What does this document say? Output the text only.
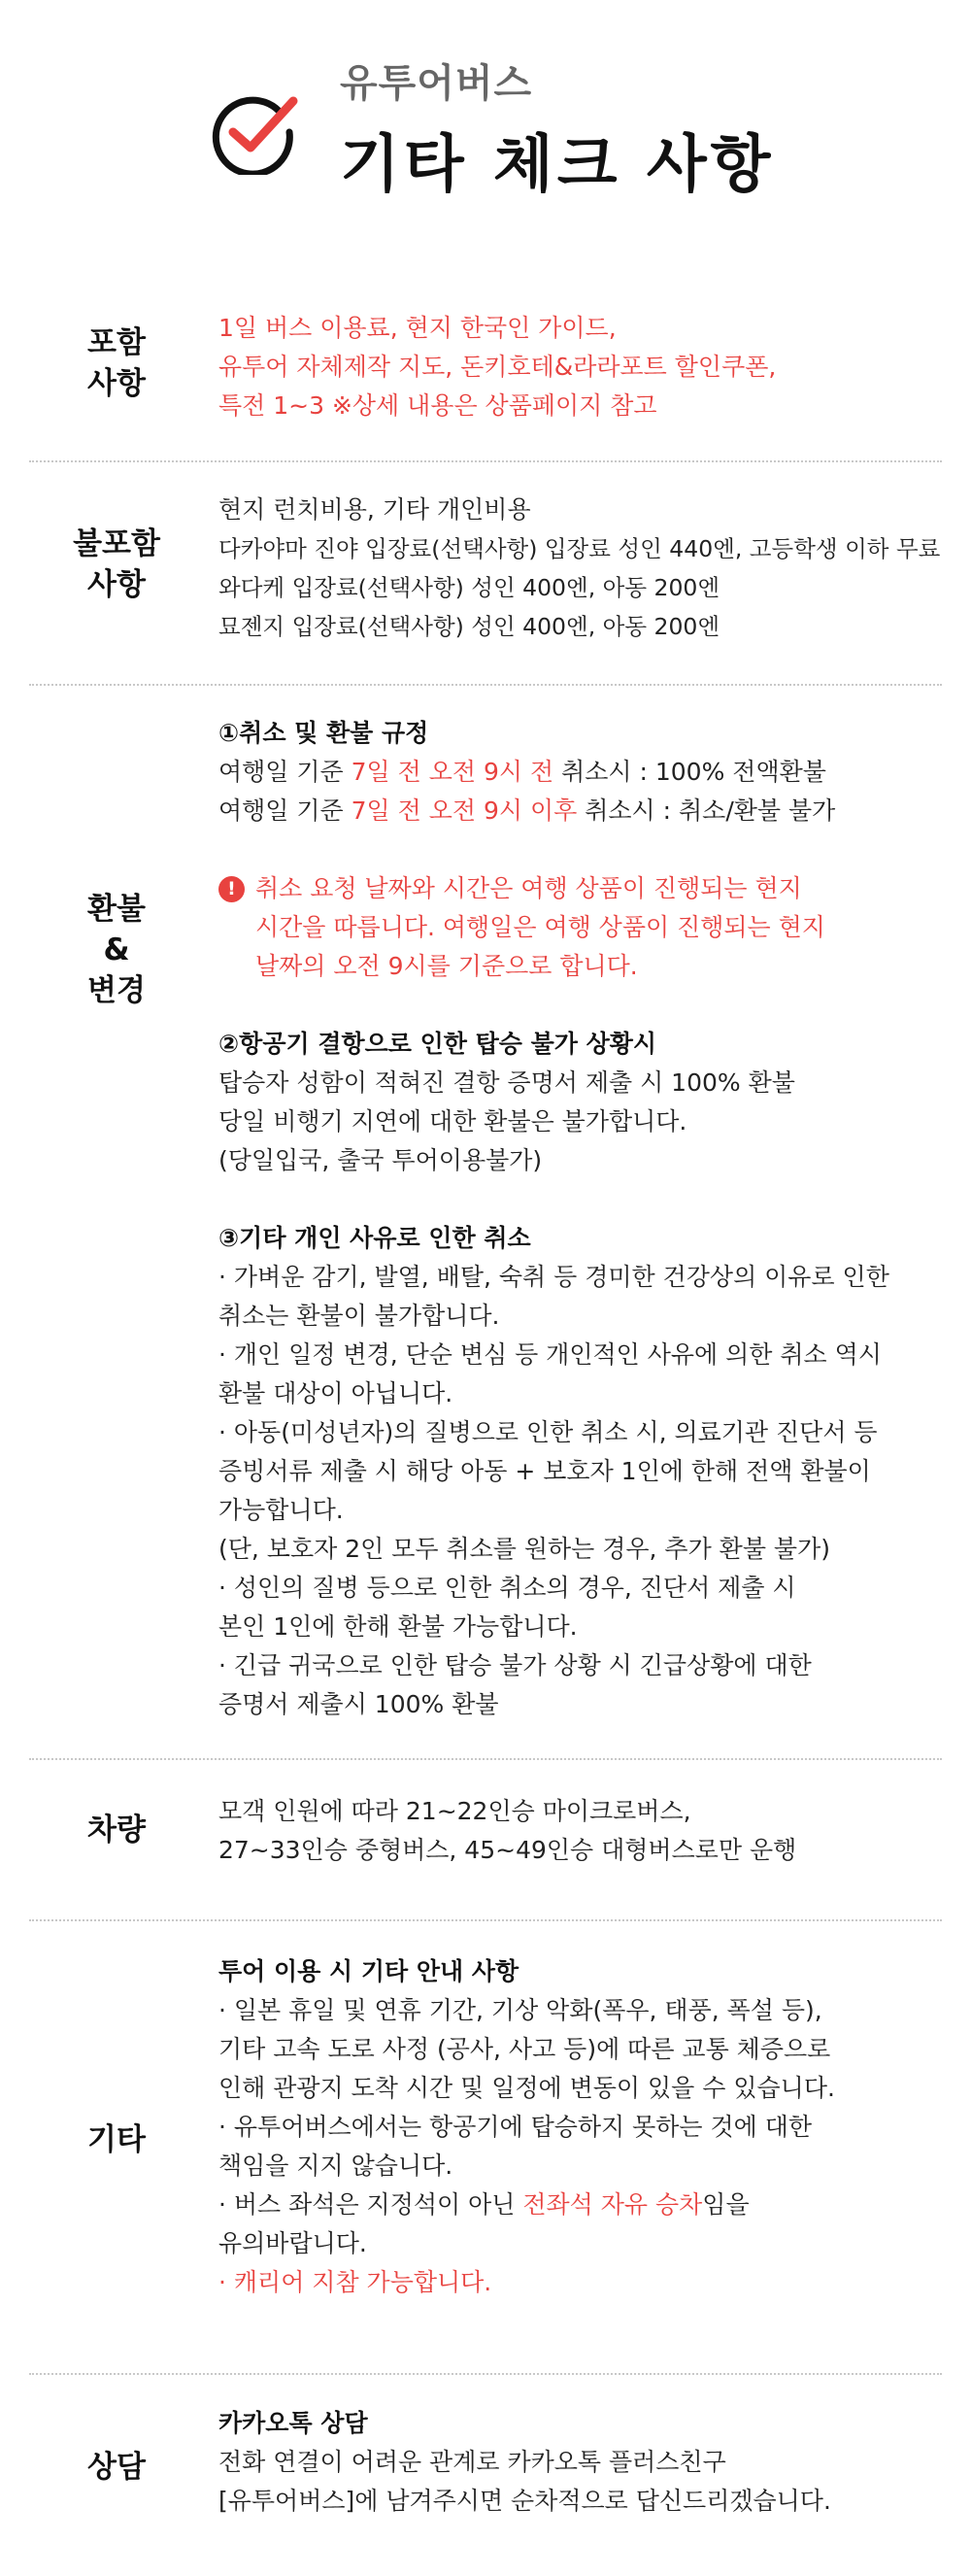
유투어버스
기타 체크 사항
포함
사항
1일 버스 이용료, 현지 한국인 가이드,
유투어 자체제작 지도, 돈키호테&라라포트 할인쿠폰,
특전 1~3 ※상세 내용은 상품페이지 참고
불포함
사항
현지 런치비용, 기타 개인비용
다카야마 진야 입장료(선택사항) 입장료 성인 440엔, 고등학생 이하 무료
와다케 입장료(선택사항) 성인 400엔, 아동 200엔
묘젠지 입장료(선택사항) 성인 400엔, 아동 200엔
환불
&
변경
①취소 및 환불 규정
여행일 기준 7일 전 오전 9시 전 취소시 : 100% 전액환불
여행일 기준 7일 전 오전 9시 이후 취소시 : 취소/환불 불가
! 취소 요청 날짜와 시간은 여행 상품이 진행되는 현지
시간을 따릅니다. 여행일은 여행 상품이 진행되는 현지
날짜의 오전 9시를 기준으로 합니다.
②항공기 결항으로 인한 탑승 불가 상황시
탑승자 성함이 적혀진 결항 증명서 제출 시 100% 환불
당일 비행기 지연에 대한 환불은 불가합니다.
(당일입국, 출국 투어이용불가)
③기타 개인 사유로 인한 취소
· 가벼운 감기, 발열, 배탈, 숙취 등 경미한 건강상의 이유로 인한
취소는 환불이 불가합니다.
· 개인 일정 변경, 단순 변심 등 개인적인 사유에 의한 취소 역시
환불 대상이 아닙니다.
· 아동(미성년자)의 질병으로 인한 취소 시, 의료기관 진단서 등
증빙서류 제출 시 해당 아동 + 보호자 1인에 한해 전액 환불이
가능합니다.
(단, 보호자 2인 모두 취소를 원하는 경우, 추가 환불 불가)
· 성인의 질병 등으로 인한 취소의 경우, 진단서 제출 시
본인 1인에 한해 환불 가능합니다.
· 긴급 귀국으로 인한 탑승 불가 상황 시 긴급상황에 대한
증명서 제출시 100% 환불
차량
모객 인원에 따라 21~22인승 마이크로버스,
27~33인승 중형버스, 45~49인승 대형버스로만 운행
기타
투어 이용 시 기타 안내 사항
· 일본 휴일 및 연휴 기간, 기상 악화(폭우, 태풍, 폭설 등),
기타 고속 도로 사정 (공사, 사고 등)에 따른 교통 체증으로
인해 관광지 도착 시간 및 일정에 변동이 있을 수 있습니다.
· 유투어버스에서는 항공기에 탑승하지 못하는 것에 대한
책임을 지지 않습니다.
· 버스 좌석은 지정석이 아닌 전좌석 자유 승차임을
유의바랍니다.
· 캐리어 지참 가능합니다.
상담
카카오톡 상담
전화 연결이 어려운 관계로 카카오톡 플러스친구
[유투어버스]에 남겨주시면 순차적으로 답신드리겠습니다.
